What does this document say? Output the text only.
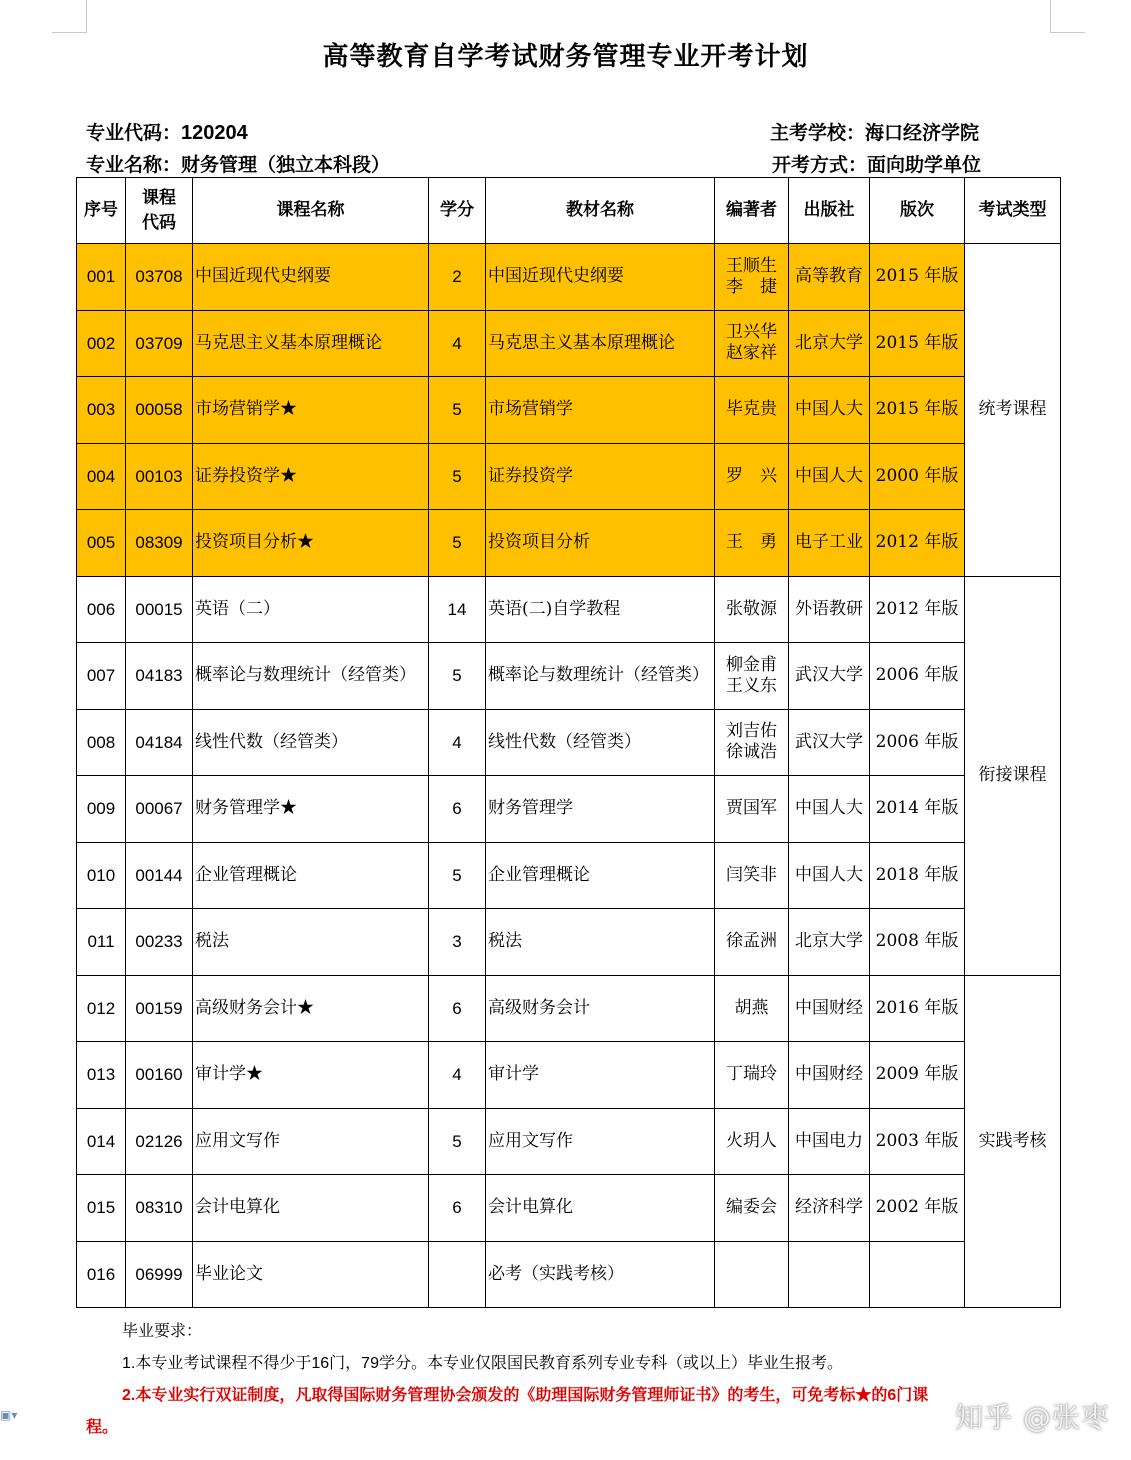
高等教育自学考试财务管理专业开考计划
专业代码：120204
专业名称：财务管理（独立本科段）
主考学校：海口经济学院
开考方式：面向助学单位
序号	课程代码	课程名称	学分	教材名称	编著者	出版社	版次	考试类型
001	03708	中国近现代史纲要	2	中国近现代史纲要	王顺生
李　捷	高等教育	2015 年版	统考课程
002	03709	马克思主义基本原理概论	4	马克思主义基本原理概论	卫兴华
赵家祥	北京大学	2015 年版	
003	00058	市场营销学★	5	市场营销学	毕克贵	中国人大	2015 年版	
004	00103	证券投资学★	5	证券投资学	罗　兴	中国人大	2000 年版	
005	08309	投资项目分析★	5	投资项目分析	王　勇	电子工业	2012 年版	
006	00015	英语（二）	14	英语(二)自学教程	张敬源	外语教研	2012 年版	衔接课程
007	04183	概率论与数理统计（经管类）	5	概率论与数理统计（经管类）	柳金甫
王义东	武汉大学	2006 年版	
008	04184	线性代数（经管类）	4	线性代数（经管类）	刘吉佑
徐诚浩	武汉大学	2006 年版	
009	00067	财务管理学★	6	财务管理学	贾国军	中国人大	2014 年版	
010	00144	企业管理概论	5	企业管理概论	闫笑非	中国人大	2018 年版	
011	00233	税法	3	税法	徐孟洲	北京大学	2008 年版	
012	00159	高级财务会计★	6	高级财务会计	胡燕	中国财经	2016 年版	实践考核
013	00160	审计学★	4	审计学	丁瑞玲	中国财经	2009 年版	
014	02126	应用文写作	5	应用文写作	火玥人	中国电力	2003 年版	
015	08310	会计电算化	6	会计电算化	编委会	经济科学	2002 年版	
016	06999	毕业论文		必考（实践考核）		

毕业要求：
1.本专业考试课程不得少于16门，79学分。本专业仅限国民教育系列专业专科（或以上）毕业生报考。
2.本专业实行双证制度，凡取得国际财务管理协会颁发的《助理国际财务管理师证书》的考生，可免考标★的6门课
程。
▣▾	知乎 @张枣
